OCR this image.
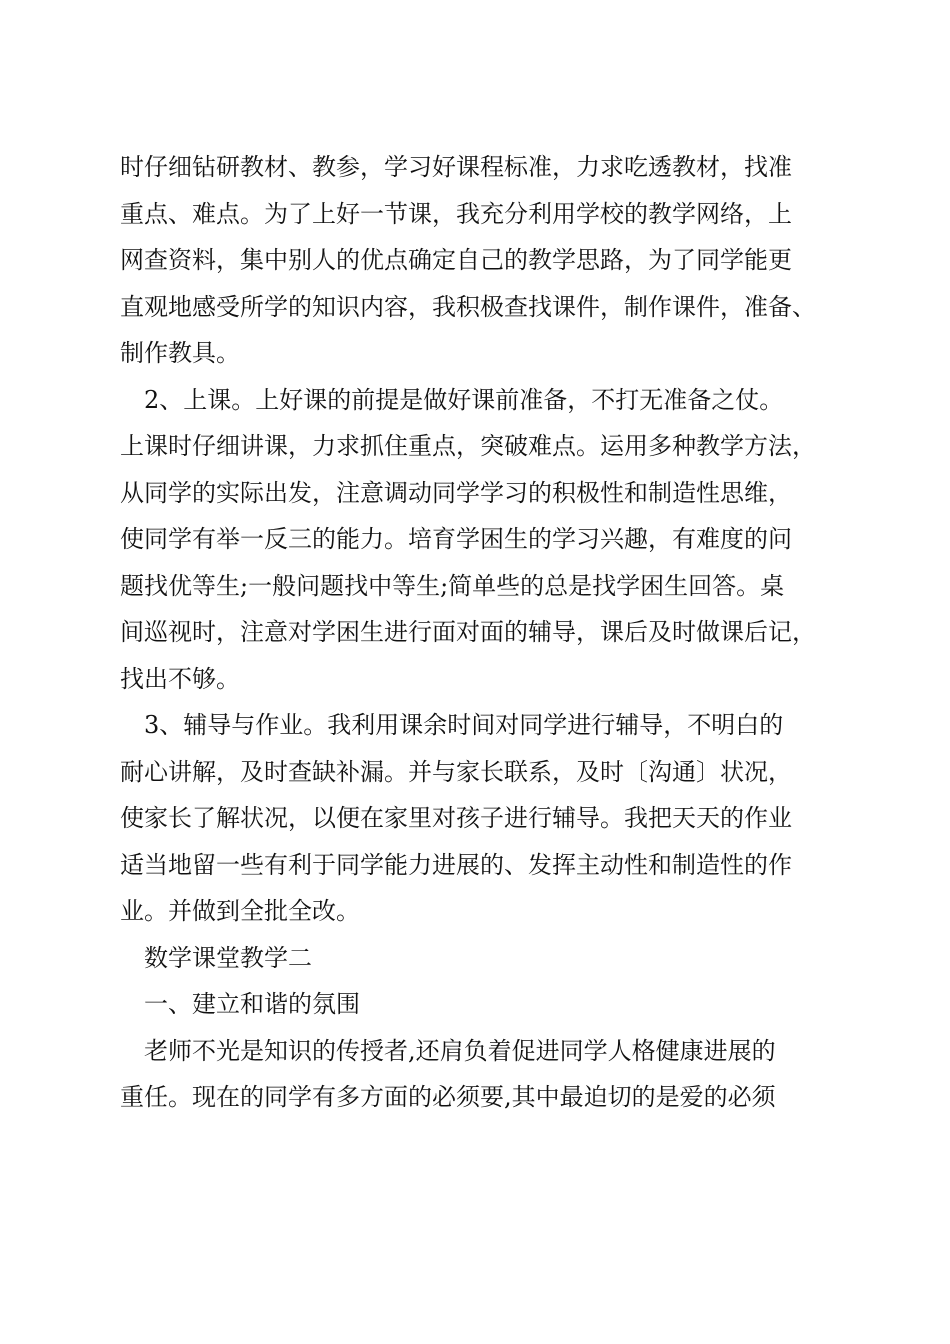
时仔细钻研教材、教参，学习好课程标准，力求吃透教材，找准
重点、难点。为了上好一节课，我充分利用学校的教学网络，上
网查资料，集中别人的优点确定自己的教学思路，为了同学能更
直观地感受所学的知识内容，我积极查找课件，制作课件，准备、
制作教具。
2、上课。上好课的前提是做好课前准备，不打无准备之仗。
上课时仔细讲课，力求抓住重点，突破难点。运用多种教学方法，
从同学的实际出发，注意调动同学学习的积极性和制造性思维，
使同学有举一反三的能力。培育学困生的学习兴趣，有难度的问
题找优等生;一般问题找中等生;简单些的总是找学困生回答。桌
间巡视时，注意对学困生进行面对面的辅导，课后及时做课后记，
找出不够。
3、辅导与作业。我利用课余时间对同学进行辅导，不明白的
耐心讲解，及时查缺补漏。并与家长联系，及时〔沟通〕状况，
使家长了解状况，以便在家里对孩子进行辅导。我把天天的作业
适当地留一些有利于同学能力进展的、发挥主动性和制造性的作
业。并做到全批全改。
数学课堂教学二
一、建立和谐的氛围
老师不光是知识的传授者,还肩负着促进同学人格健康进展的
重任。现在的同学有多方面的必须要,其中最迫切的是爱的必须
